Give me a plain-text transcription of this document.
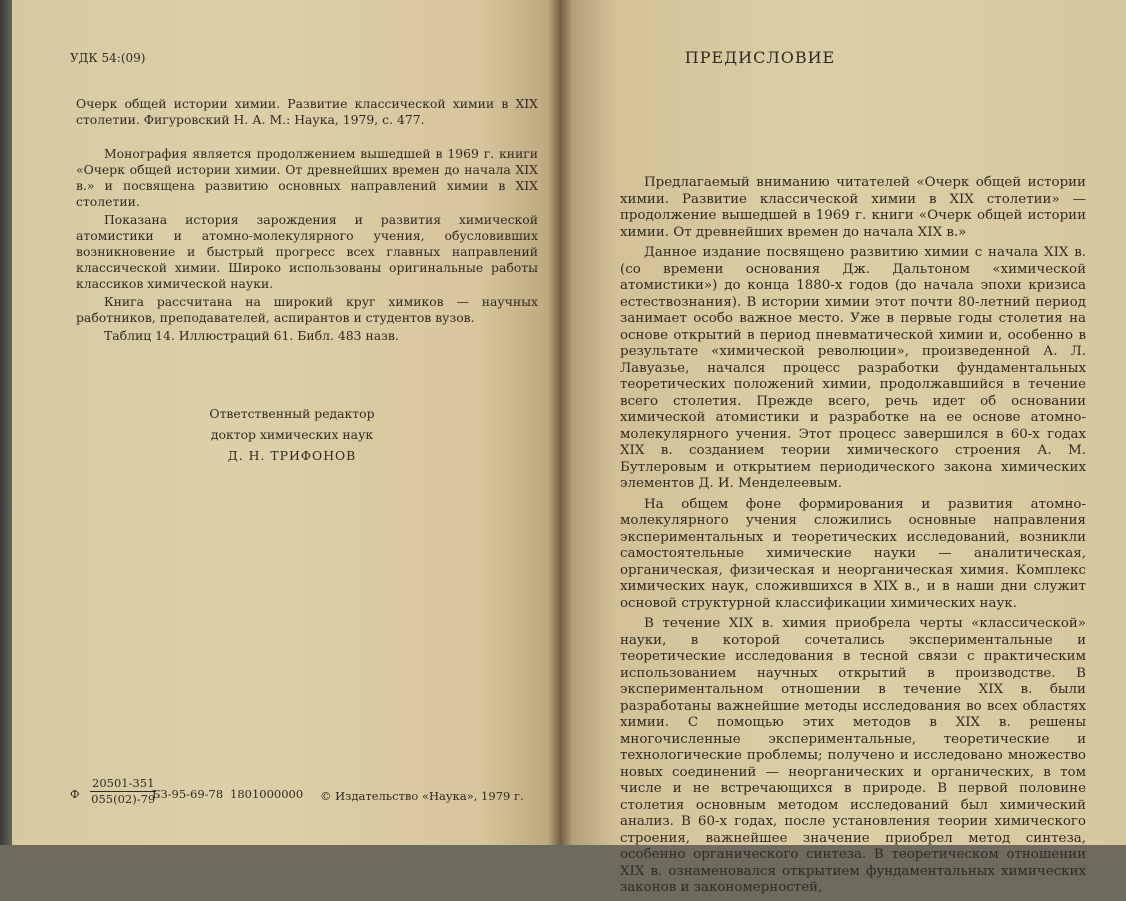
УДК 54:(09)

Очерк общей истории химии. Развитие классической химии в XIX столетии. Фигуровский Н. А. М.: Наука, 1979, с. 477.

Монография является продолжением вышедшей в 1969 г. книги «Очерк общей истории химии. От древнейших времен до начала XIX в.» и посвящена развитию основных направлений химии в XIX столетии.

Показана история зарождения и развития химической атомистики и атомно-молекулярного учения, обусловивших возникновение и быстрый прогресс всех главных направлений классической химии. Широко использованы оригинальные работы классиков химической науки.

Книга рассчитана на широкий круг химиков — научных работников, преподавателей, аспирантов и студентов вузов.

Таблиц 14. Иллюстраций 61. Библ. 483 назв.

Ответственный редактор
доктор химических наук
Д. Н. ТРИФОНОВ
Ф $\frac{20501-351}{055(02)-79}$
БЗ-95-69-78 1801000000 © Издательство «Наука», 1979 г.
ПРЕДИСЛОВИЕ

Предлагаемый вниманию читателей «Очерк общей истории химии. Развитие классической химии в XIX столетии» — продолжение вышедшей в 1969 г. книги «Очерк общей истории химии. От древнейших времен до начала XIX в.»

Данное издание посвящено развитию химии с начала XIX в. (со времени основания Дж. Дальтоном «химической атомистики») до конца 1880-х годов (до начала эпохи кризиса естествознания). В истории химии этот почти 80-летний период занимает особо важное место. Уже в первые годы столетия на основе открытий в период пневматической химии и, особенно в результате «химической революции», произведенной А. Л. Лавуазье, начался процесс разработки фундаментальных теоретических положений химии, продолжавшийся в течение всего столетия. Прежде всего, речь идет об основании химической атомистики и разработке на ее основе атомно-молекулярного учения. Этот процесс завершился в 60-х годах XIX в. созданием теории химического строения А. М. Бутлеровым и открытием периодического закона химических элементов Д. И. Менделеевым.

На общем фоне формирования и развития атомно-молекулярного учения сложились основные направления экспериментальных и теоретических исследований, возникли самостоятельные химические науки — аналитическая, органическая, физическая и неорганическая химия. Комплекс химических наук, сложившихся в XIX в., и в наши дни служит основой структурной классификации химических наук.

В течение XIX в. химия приобрела черты «классической» науки, в которой сочетались экспериментальные и теоретические исследования в тесной связи с практическим использованием научных открытий в производстве. В экспериментальном отношении в течение XIX в. были разработаны важнейшие методы исследования во всех областях химии. С помощью этих методов в XIX в. решены многочисленные экспериментальные, теоретические и технологические проблемы; получено и исследовано множество новых соединений — неорганических и органических, в том числе и не встречающихся в природе. В первой половине столетия основным методом исследований был химический анализ. В 60-х годах, после установления теории химического строения, важнейшее значение приобрел метод синтеза, особенно органического синтеза. В теоретическом отношении XIX в. ознаменовался открытием фундаментальных химических законов и закономерностей,
